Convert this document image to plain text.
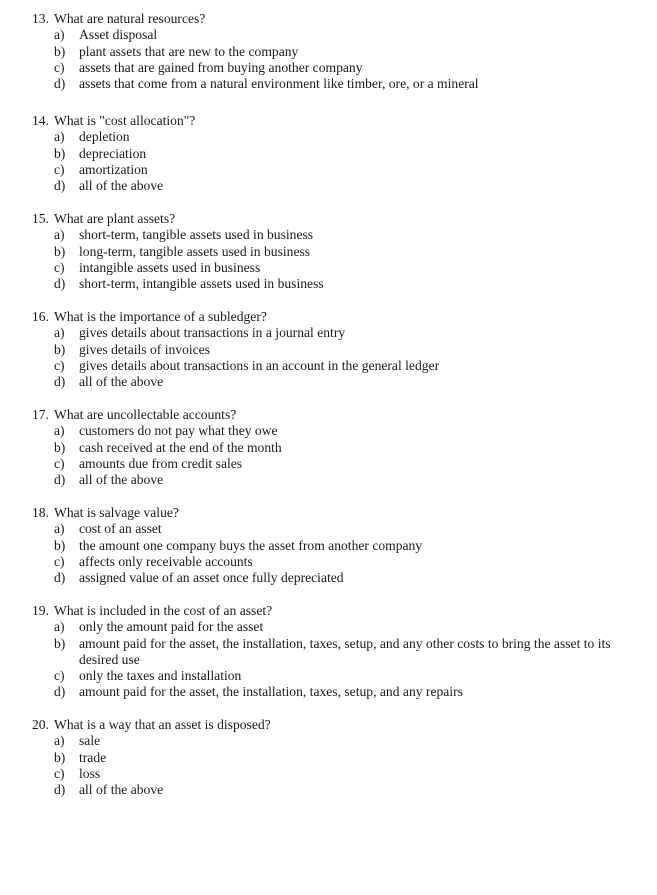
13. What are natural resources?
a)	Asset disposal
b)	plant assets that are new to the company
c)	assets that are gained from buying another company
d)	assets that come from a natural environment like timber, ore, or a mineral
14. What is "cost allocation"?
a)	depletion
b)	depreciation
c)	amortization
d)	all of the above
15. What are plant assets?
a)	short-term, tangible assets used in business
b)	long-term, tangible assets used in business
c)	intangible assets used in business
d)	short-term, intangible assets used in business
16. What is the importance of a subledger?
a)	gives details about transactions in a journal entry
b)	gives details of invoices
c)	gives details about transactions in an account in the general ledger
d)	all of the above
17. What are uncollectable accounts?
a)	customers do not pay what they owe
b)	cash received at the end of the month
c)	amounts due from credit sales
d)	all of the above
18. What is salvage value?
a)	cost of an asset
b)	the amount one company buys the asset from another company
c)	affects only receivable accounts
d)	assigned value of an asset once fully depreciated
19. What is included in the cost of an asset?
a)	only the amount paid for the asset
b)	amount paid for the asset, the installation, taxes, setup, and any other costs to bring the asset to its desired use
c)	only the taxes and installation
d)	amount paid for the asset, the installation, taxes, setup, and any repairs
20. What is a way that an asset is disposed?
a)	sale
b)	trade
c)	loss
d)	all of the above
